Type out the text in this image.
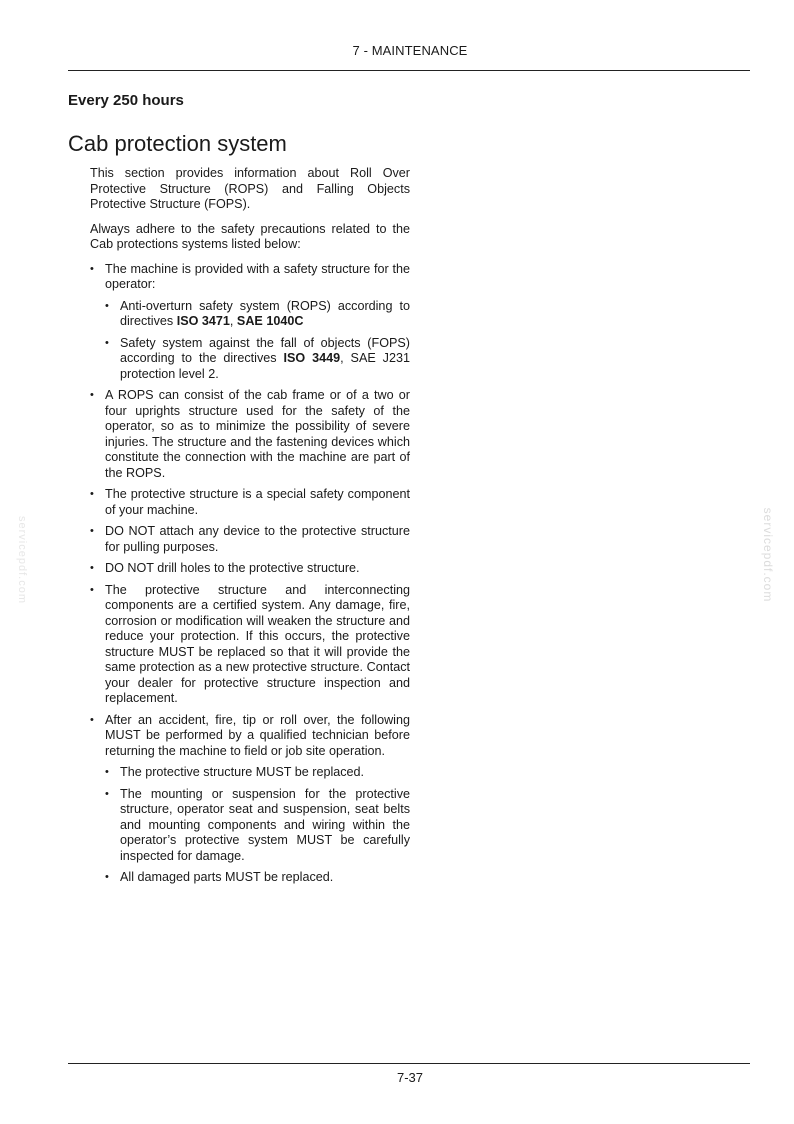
7 - MAINTENANCE
Every 250 hours
Cab protection system

This section provides information about Roll Over Protective Structure (ROPS) and Falling Objects Protective Structure (FOPS).

Always adhere to the safety precautions related to the Cab protections systems listed below:

• The machine is provided with a safety structure for the operator:
• Anti-overturn safety system (ROPS) according to directives ISO 3471, SAE 1040C
• Safety system against the fall of objects (FOPS) according to the directives ISO 3449, SAE J231 protection level 2.
• A ROPS can consist of the cab frame or of a two or four uprights structure used for the safety of the operator, so as to minimize the possibility of severe injuries. The structure and the fastening devices which constitute the connection with the machine are part of the ROPS.
• The protective structure is a special safety component of your machine.
• DO NOT attach any device to the protective structure for pulling purposes.
• DO NOT drill holes to the protective structure.
• The protective structure and interconnecting components are a certified system. Any damage, fire, corrosion or modification will weaken the structure and reduce your protection. If this occurs, the protective structure MUST be replaced so that it will provide the same protection as a new protective structure. Contact your dealer for protective structure inspection and replacement.
• After an accident, fire, tip or roll over, the following MUST be performed by a qualified technician before returning the machine to field or job site operation.
• The protective structure MUST be replaced.
• The mounting or suspension for the protective structure, operator seat and suspension, seat belts and mounting components and wiring within the operator’s protective system MUST be carefully inspected for damage.
• All damaged parts MUST be replaced.
servicepdf.com	servicepdf.com
7-37
